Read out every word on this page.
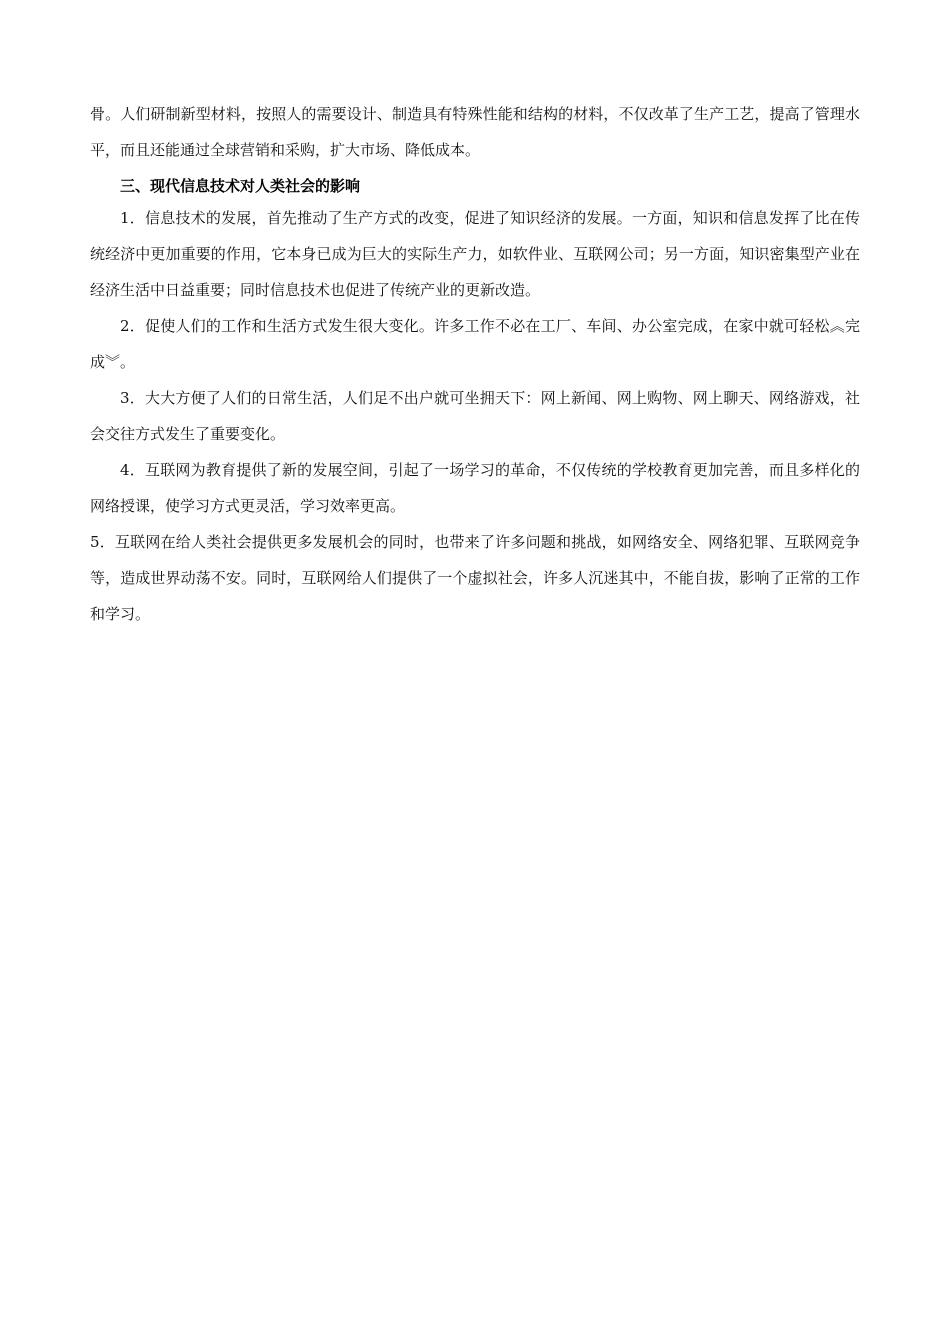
骨。人们研制新型材料，按照人的需要设计、制造具有特殊性能和结构的材料，不仅改革了生产工艺，提高了管理水平，而且还能通过全球营销和采购，扩大市场、降低成本。

三、现代信息技术对人类社会的影响

1．信息技术的发展，首先推动了生产方式的改变，促进了知识经济的发展。一方面，知识和信息发挥了比在传统经济中更加重要的作用，它本身已成为巨大的实际生产力，如软件业、互联网公司；另一方面，知识密集型产业在经济生活中日益重要；同时信息技术也促进了传统产业的更新改造。

2．促使人们的工作和生活方式发生很大变化。许多工作不必在工厂、车间、办公室完成，在家中就可轻松︽完成︾。

3．大大方便了人们的日常生活，人们足不出户就可坐拥天下：网上新闻、网上购物、网上聊天、网络游戏，社会交往方式发生了重要变化。

4．互联网为教育提供了新的发展空间，引起了一场学习的革命，不仅传统的学校教育更加完善，而且多样化的网络授课，使学习方式更灵活，学习效率更高。

5．互联网在给人类社会提供更多发展机会的同时，也带来了许多问题和挑战，如网络安全、网络犯罪、互联网竞争等，造成世界动荡不安。同时，互联网给人们提供了一个虚拟社会，许多人沉迷其中，不能自拔，影响了正常的工作和学习。
